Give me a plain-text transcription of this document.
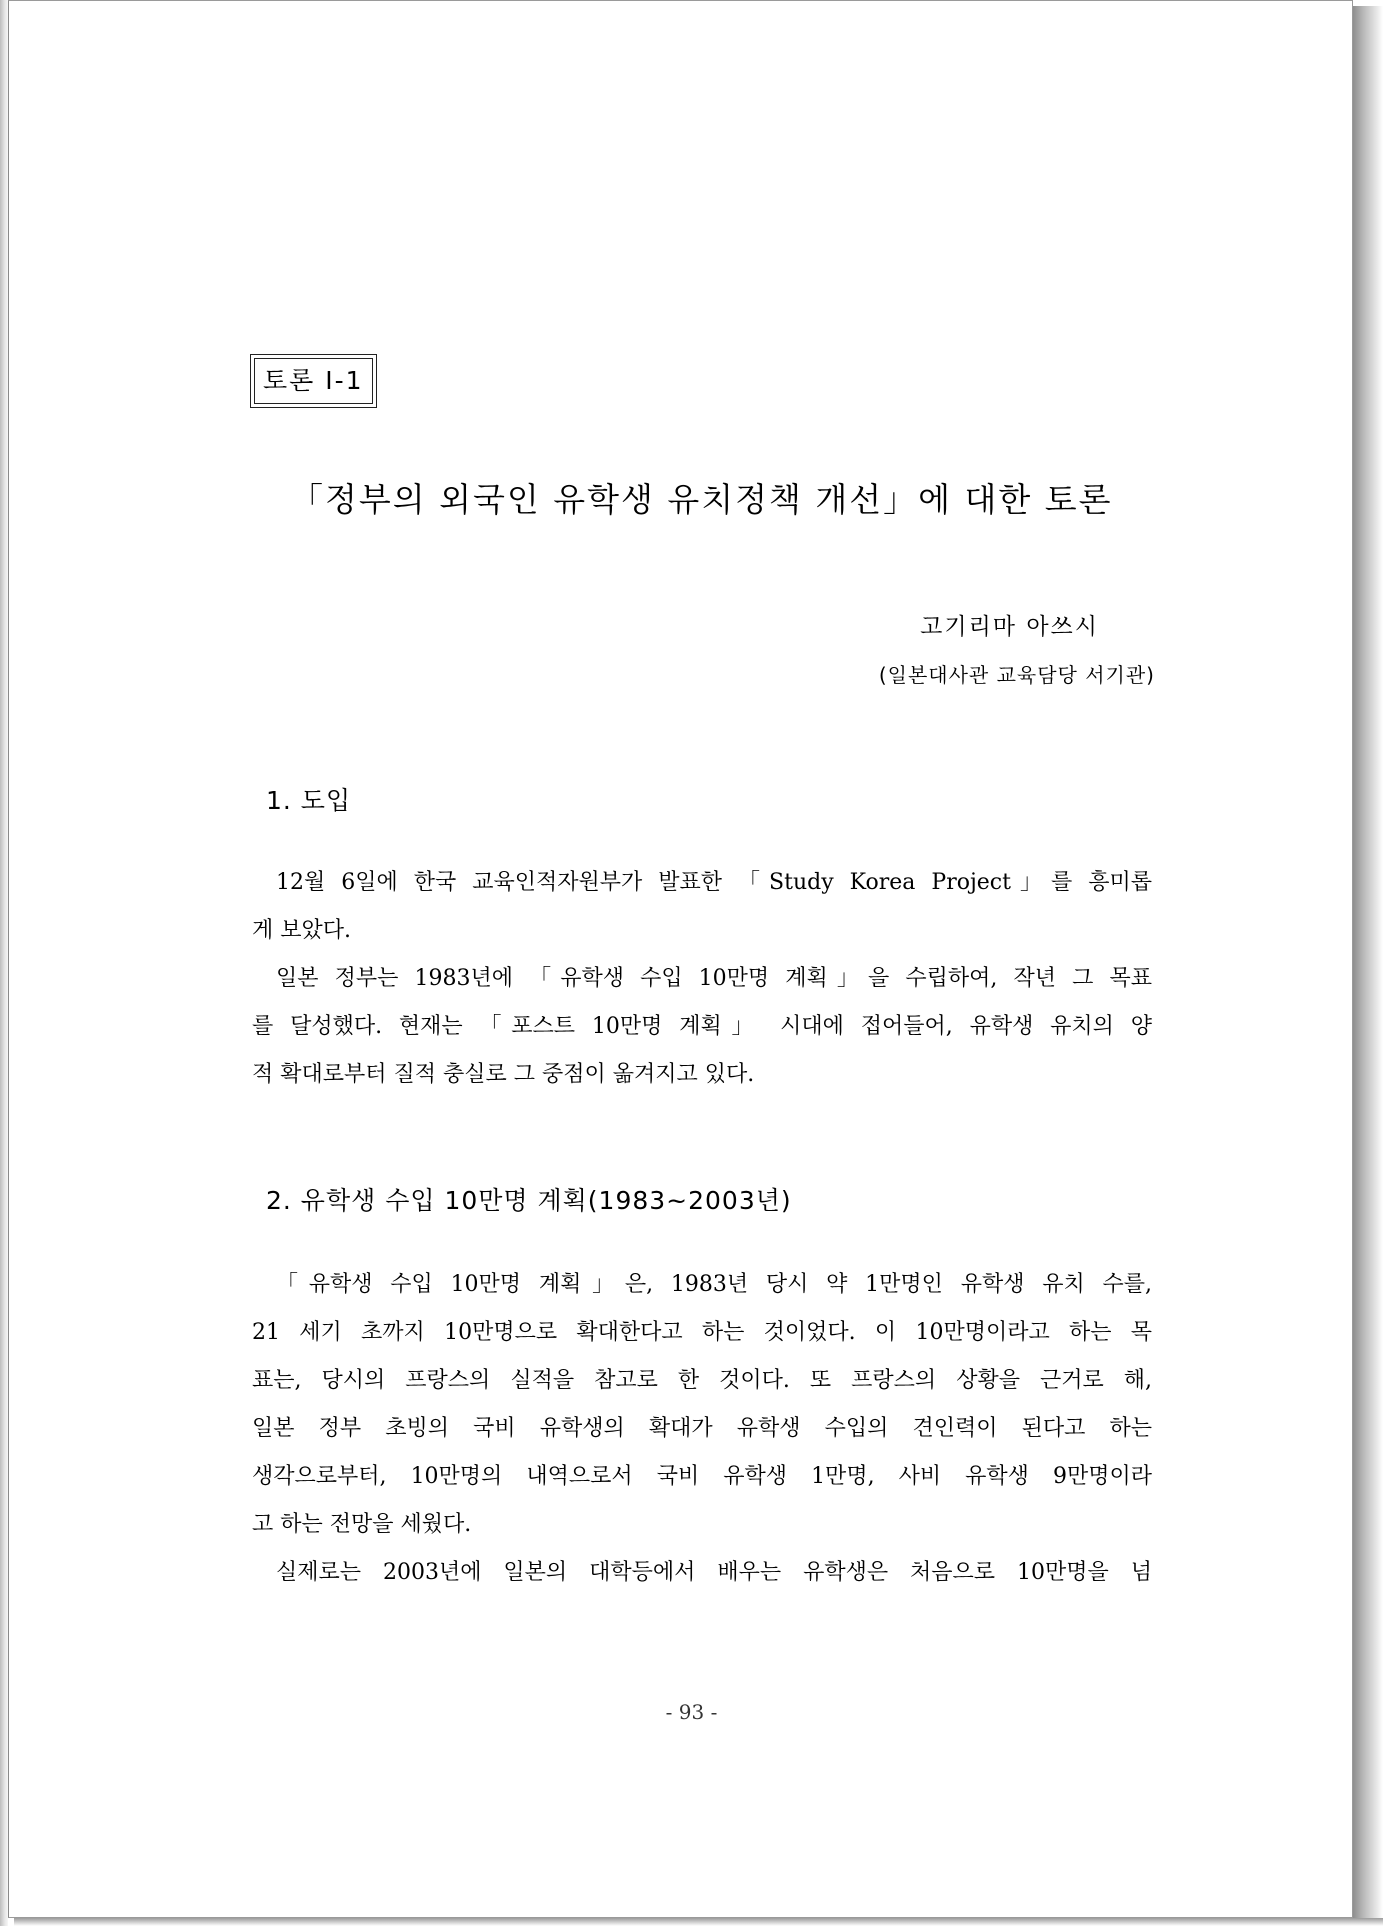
토론 Ⅰ-1
「정부의 외국인 유학생 유치정책 개선」에 대한 토론
고기리마 아쓰시
(일본대사관 교육담당 서기관)
1. 도입
12월 6일에 한국 교육인적자원부가 발표한 「Study Korea Project」를 흥미롭
게 보았다.
일본 정부는 1983년에 「유학생 수입 10만명 계획」을 수립하여, 작년 그 목표
를 달성했다. 현재는 「포스트 10만명 계획」 시대에 접어들어, 유학생 유치의 양
적 확대로부터 질적 충실로 그 중점이 옮겨지고 있다.
2. 유학생 수입 10만명 계획(1983~2003년)
「유학생 수입 10만명 계획」은, 1983년 당시 약 1만명인 유학생 유치 수를,
21 세기 초까지 10만명으로 확대한다고 하는 것이었다. 이 10만명이라고 하는 목
표는, 당시의 프랑스의 실적을 참고로 한 것이다. 또 프랑스의 상황을 근거로 해,
일본 정부 초빙의 국비 유학생의 확대가 유학생 수입의 견인력이 된다고 하는
생각으로부터, 10만명의 내역으로서 국비 유학생 1만명, 사비 유학생 9만명이라
고 하는 전망을 세웠다.
실제로는 2003년에 일본의 대학등에서 배우는 유학생은 처음으로 10만명을 넘
- 93 -
